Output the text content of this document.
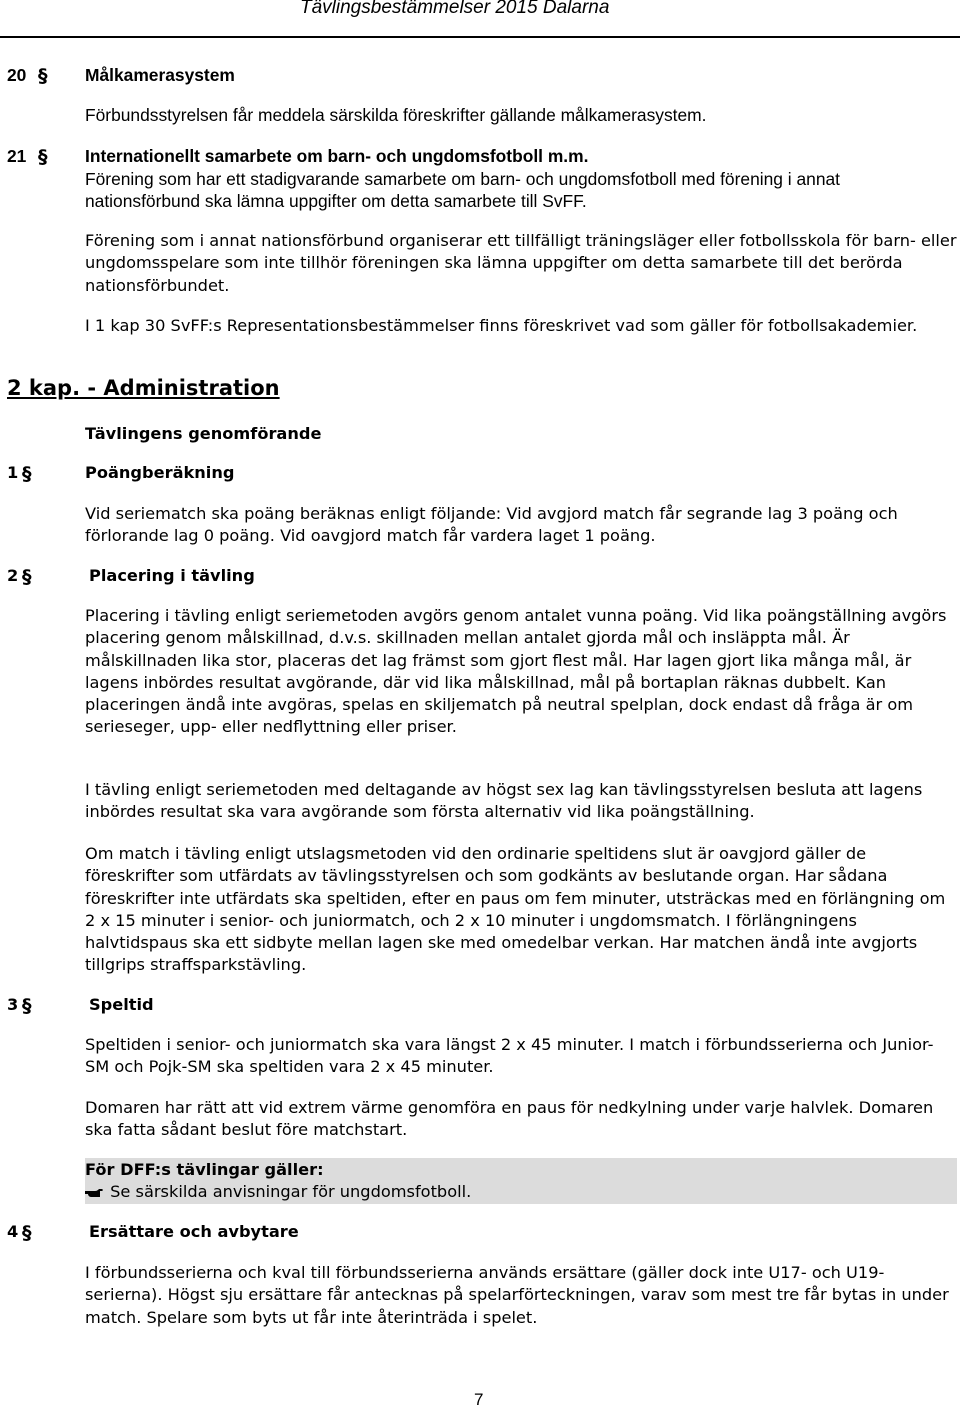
Tävlingsbestämmelser 2015 Dalarna
20 § Målkamerasystem
Förbundsstyrelsen får meddela särskilda föreskrifter gällande målkamerasystem.
21 § Internationellt samarbete om barn- och ungdomsfotboll m.m.
Förening som har ett stadigvarande samarbete om barn- och ungdomsfotboll med förening i annat nationsförbund ska lämna uppgifter om detta samarbete till SvFF.
Förening som i annat nationsförbund organiserar ett tillfälligt träningsläger eller fotbollsskola för barn- eller ungdomsspelare som inte tillhör föreningen ska lämna uppgifter om detta samarbete till det berörda nationsförbundet.
I 1 kap 30 SvFF:s Representationsbestämmelser finns föreskrivet vad som gäller för fotbollsakademier.
2 kap. - Administration
Tävlingens genomförande
1 §	Poängberäkning
Vid seriematch ska poäng beräknas enligt följande: Vid avgjord match får segrande lag 3 poäng och förlorande lag 0 poäng. Vid oavgjord match får vardera laget 1 poäng.
2 §	Placering i tävling
Placering i tävling enligt seriemetoden avgörs genom antalet vunna poäng. Vid lika poängställning avgörs placering genom målskillnad, d.v.s. skillnaden mellan antalet gjorda mål och insläppta mål. Är målskillnaden lika stor, placeras det lag främst som gjort flest mål. Har lagen gjort lika många mål, är lagens inbördes resultat avgörande, där vid lika målskillnad, mål på bortaplan räknas dubbelt. Kan placeringen ändå inte avgöras, spelas en skiljematch på neutral spelplan, dock endast då fråga är om serieseger, upp- eller nedflyttning eller priser.
I tävling enligt seriemetoden med deltagande av högst sex lag kan tävlingsstyrelsen besluta att lagens inbördes resultat ska vara avgörande som första alternativ vid lika poängställning.
Om match i tävling enligt utslagsmetoden vid den ordinarie speltidens slut är oavgjord gäller de föreskrifter som utfärdats av tävlingsstyrelsen och som godkänts av beslutande organ. Har sådana föreskrifter inte utfärdats ska speltiden, efter en paus om fem minuter, utsträckas med en förlängning om 2 x 15 minuter i senior- och juniormatch, och 2 x 10 minuter i ungdomsmatch. I förlängningens halvtidspaus ska ett sidbyte mellan lagen ske med omedelbar verkan. Har matchen ändå inte avgjorts tillgrips straffsparkstävling.
3 §	Speltid
Speltiden i senior- och juniormatch ska vara längst 2 x 45 minuter. I match i förbundsserierna och Junior-SM och Pojk-SM ska speltiden vara 2 x 45 minuter.
Domaren har rätt att vid extrem värme genomföra en paus för nedkylning under varje halvlek. Domaren ska fatta sådant beslut före matchstart.
För DFF:s tävlingar gäller:
Se särskilda anvisningar för ungdomsfotboll.
4 §	Ersättare och avbytare
I förbundsserierna och kval till förbundsserierna används ersättare (gäller dock inte U17- och U19-serierna). Högst sju ersättare får antecknas på spelarförteckningen, varav som mest tre får bytas in under match. Spelare som byts ut får inte återinträda i spelet.
7
